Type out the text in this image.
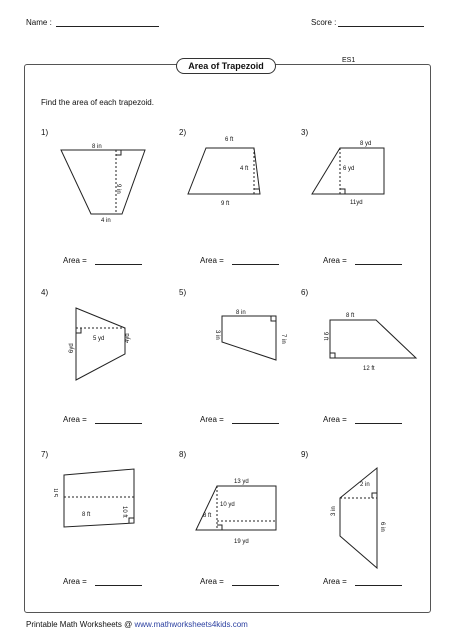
Name :	Score :
Area of Trapezoid
ES1
Find the area of each trapezoid.
1)
8 in
9 in
4 in
2)
6 ft
4 ft
9 ft
3)
8 yd
6 yd
11yd
Area =	Area =	Area =
4)
5 yd
6yd
4yd
5)
8 in
3 in	7 in
6)
8 ft
9 ft
12 ft
Area =	Area =	Area =
7)
5 ft
8 ft	10 ft
8)
13 yd
10 yd
8 ft
19 yd
9)
2 in
3 in
6 in
Area =	Area =	Area =
Printable Math Worksheets @ www.mathworksheets4kids.com
